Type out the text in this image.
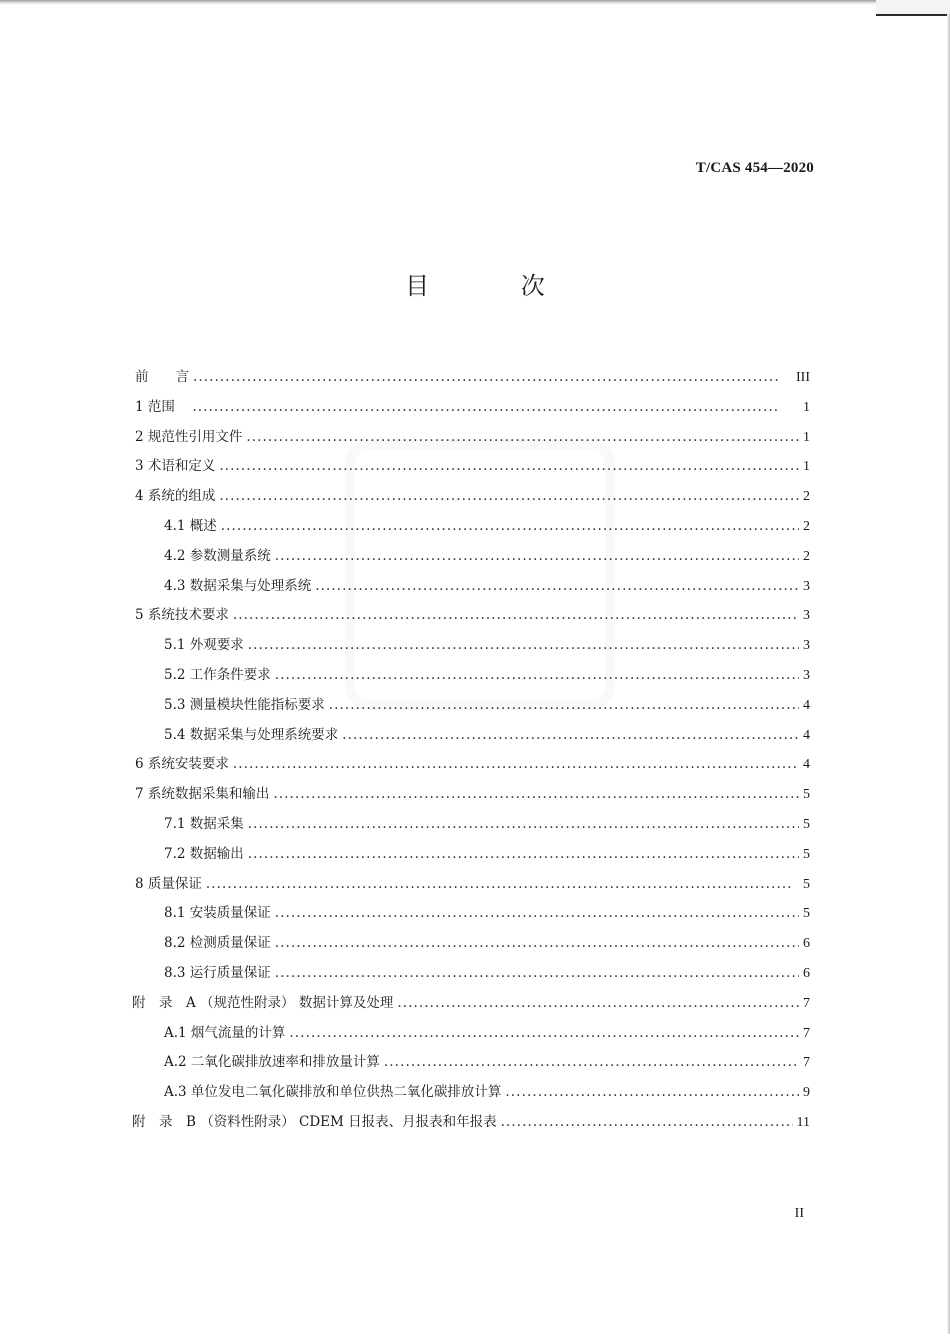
T/CAS 454—2020
目 次
前　　言 . . .	III
1 范围　 . . .	1
2 规范性引用文件 . . .	1
3 术语和定义 . . .	1
4 系统的组成 . . .	2
4.1 概述 . . .	2
4.2 参数测量系统 . . .	2
4.3 数据采集与处理系统 . . .	3
5 系统技术要求 . . .	3
5.1 外观要求 . . .	3
5.2 工作条件要求 . . .	3
5.3 测量模块性能指标要求 . . .	4
5.4 数据采集与处理系统要求 . . .	4
6 系统安装要求 . . .	4
7 系统数据采集和输出 . . .	5
7.1 数据采集 . . .	5
7.2 数据输出 . . .	5
8 质量保证 . . .	5
8.1 安装质量保证 . . .	5
8.2 检测质量保证 . . .	6
8.3 运行质量保证 . . .	6
附　录　A （规范性附录） 数据计算及处理 . . .	7
A.1 烟气流量的计算 . . .	7
A.2 二氧化碳排放速率和排放量计算 . . .	7
A.3 单位发电二氧化碳排放和单位供热二氧化碳排放计算 . . .	9
附　录　B （资料性附录） CDEM 日报表、月报表和年报表 . . .	11
II
